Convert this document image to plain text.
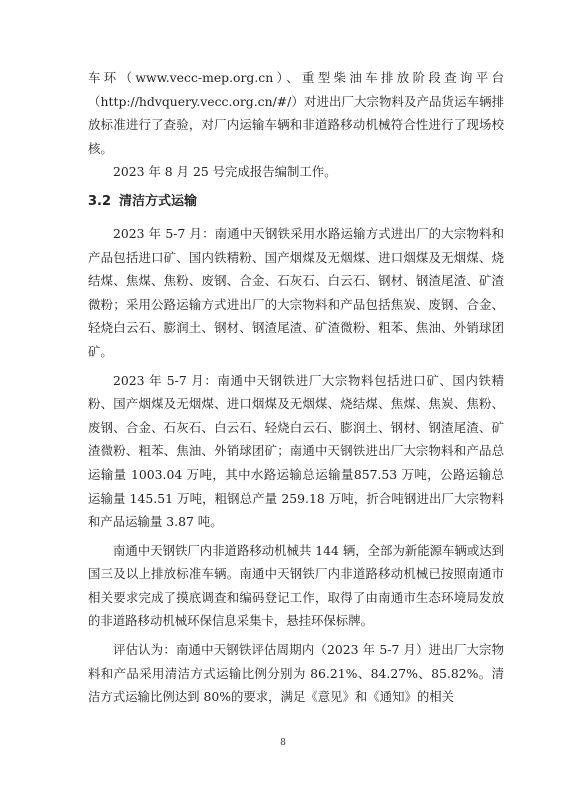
车环（www.vecc-mep.org.cn）、重型柴油车排放阶段查询平台（http://hdvquery.vecc.org.cn/#/）对进出厂大宗物料及产品货运车辆排放标准进行了查验，对厂内运输车辆和非道路移动机械符合性进行了现场校核。

2023 年 8 月 25 号完成报告编制工作。

3.2 清洁方式运输

2023 年 5-7 月：南通中天钢铁采用水路运输方式进出厂的大宗物料和产品包括进口矿、国内铁精粉、国产烟煤及无烟煤、进口烟煤及无烟煤、烧结煤、焦煤、焦粉、废钢、合金、石灰石、白云石、钢材、钢渣尾渣、矿渣微粉；采用公路运输方式进出厂的大宗物料和产品包括焦炭、废钢、合金、轻烧白云石、膨润土、钢材、钢渣尾渣、矿渣微粉、粗苯、焦油、外销球团矿。

2023 年 5-7 月：南通中天钢铁进厂大宗物料包括进口矿、国内铁精粉、国产烟煤及无烟煤、进口烟煤及无烟煤、烧结煤、焦煤、焦炭、焦粉、废钢、合金、石灰石、白云石、轻烧白云石、膨润土、钢材、钢渣尾渣、矿渣微粉、粗苯、焦油、外销球团矿；南通中天钢铁进出厂大宗物料和产品总运输量 1003.04 万吨，其中水路运输总运输量857.53 万吨，公路运输总运输量 145.51 万吨，粗钢总产量 259.18 万吨，折合吨钢进出厂大宗物料和产品运输量 3.87 吨。

南通中天钢铁厂内非道路移动机械共 144 辆，全部为新能源车辆或达到国三及以上排放标准车辆。南通中天钢铁厂内非道路移动机械已按照南通市相关要求完成了摸底调查和编码登记工作，取得了由南通市生态环境局发放的非道路移动机械环保信息采集卡，悬挂环保标牌。

评估认为：南通中天钢铁评估周期内（2023 年 5-7 月）进出厂大宗物料和产品采用清洁方式运输比例分别为 86.21%、84.27%、85.82%。清洁方式运输比例达到 80%的要求，满足《意见》和《通知》的相关

8
